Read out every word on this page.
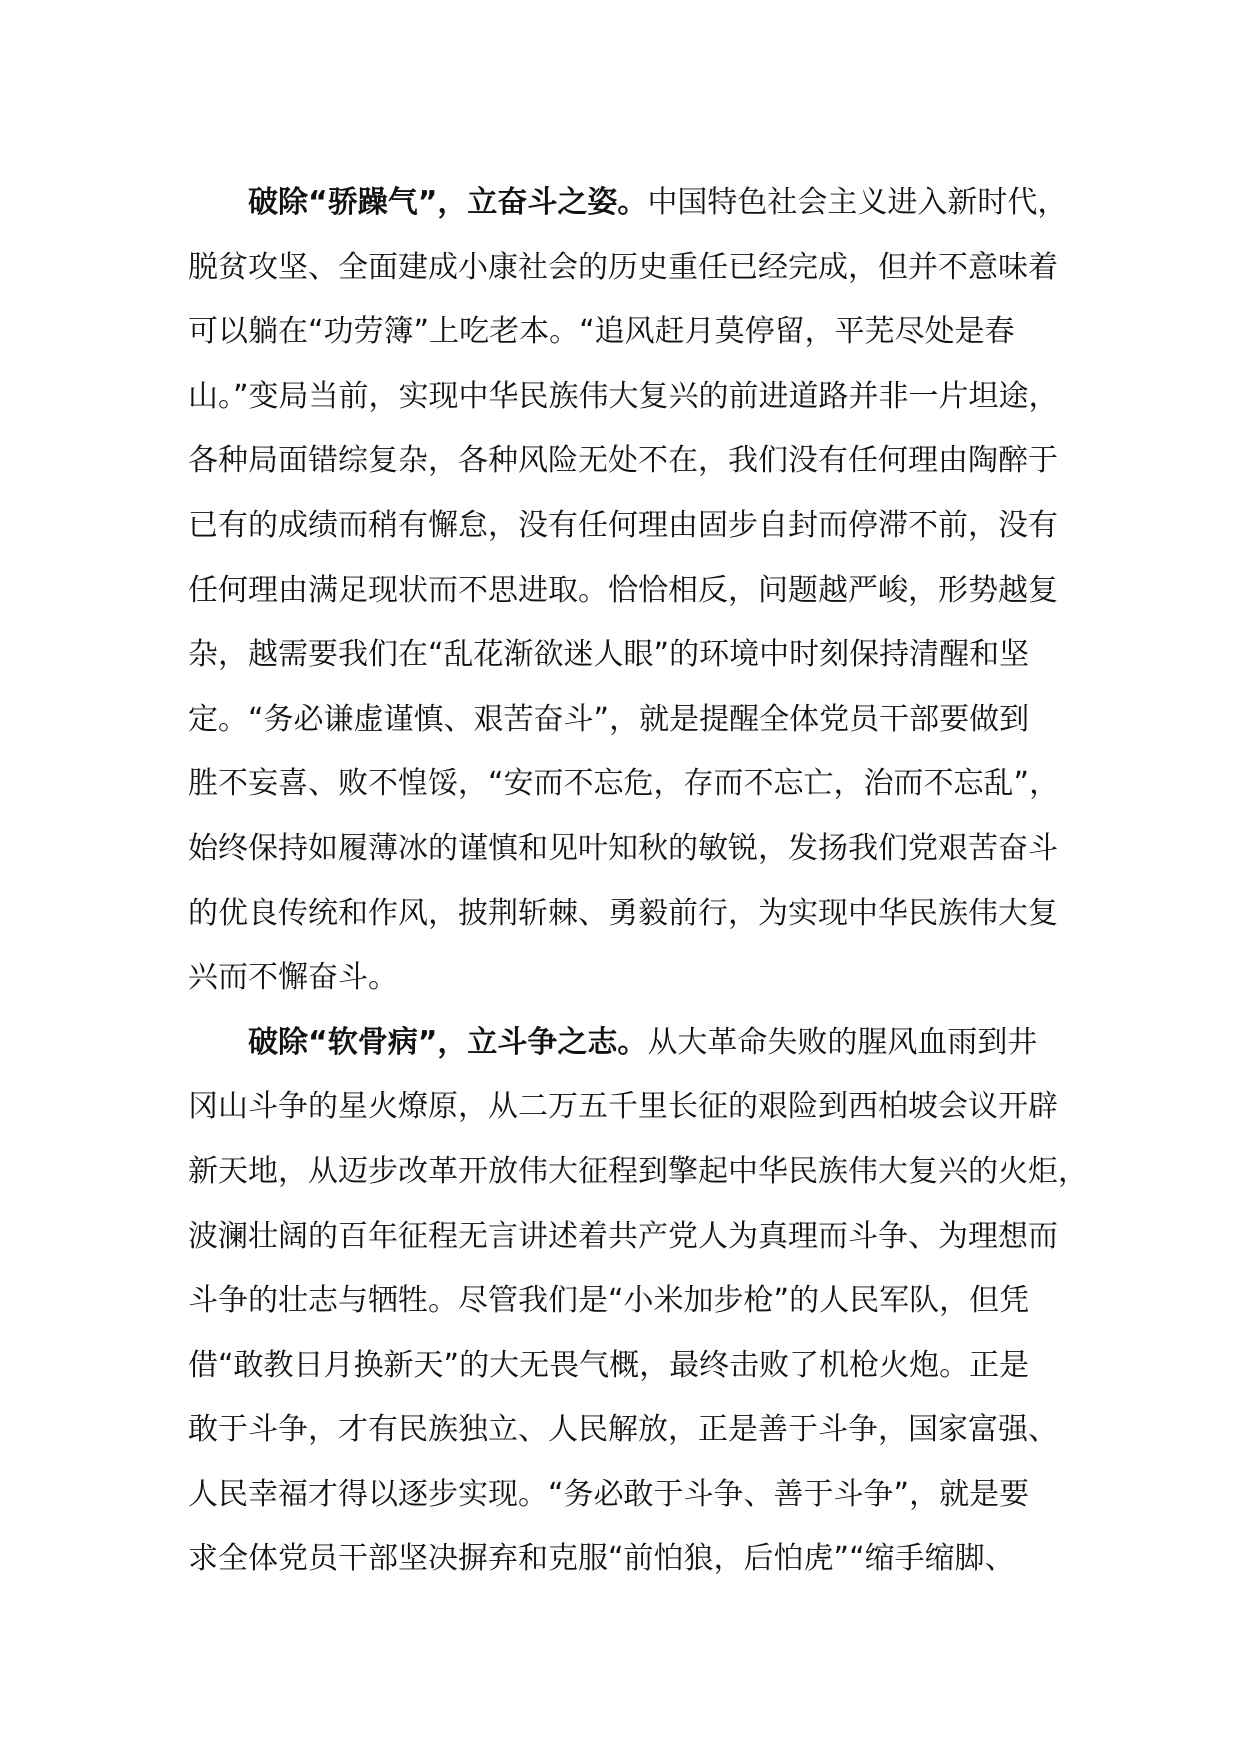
破除“骄躁气”，立奋斗之姿。中国特色社会主义进入新时代，
脱贫攻坚、全面建成小康社会的历史重任已经完成，但并不意味着
可以躺在“功劳簿”上吃老本。“追风赶月莫停留，平芜尽处是春
山。”变局当前，实现中华民族伟大复兴的前进道路并非一片坦途，
各种局面错综复杂，各种风险无处不在，我们没有任何理由陶醉于
已有的成绩而稍有懈怠，没有任何理由固步自封而停滞不前，没有
任何理由满足现状而不思进取。恰恰相反，问题越严峻，形势越复
杂，越需要我们在“乱花渐欲迷人眼”的环境中时刻保持清醒和坚
定。“务必谦虚谨慎、艰苦奋斗”，就是提醒全体党员干部要做到
胜不妄喜、败不惶馁，“安而不忘危，存而不忘亡，治而不忘乱”，
始终保持如履薄冰的谨慎和见叶知秋的敏锐，发扬我们党艰苦奋斗
的优良传统和作风，披荆斩棘、勇毅前行，为实现中华民族伟大复
兴而不懈奋斗。
破除“软骨病”，立斗争之志。从大革命失败的腥风血雨到井
冈山斗争的星火燎原，从二万五千里长征的艰险到西柏坡会议开辟
新天地，从迈步改革开放伟大征程到擎起中华民族伟大复兴的火炬，
波澜壮阔的百年征程无言讲述着共产党人为真理而斗争、为理想而
斗争的壮志与牺牲。尽管我们是“小米加步枪”的人民军队，但凭
借“敢教日月换新天”的大无畏气概，最终击败了机枪火炮。正是
敢于斗争，才有民族独立、人民解放，正是善于斗争，国家富强、
人民幸福才得以逐步实现。“务必敢于斗争、善于斗争”，就是要
求全体党员干部坚决摒弃和克服“前怕狼，后怕虎”“缩手缩脚、
